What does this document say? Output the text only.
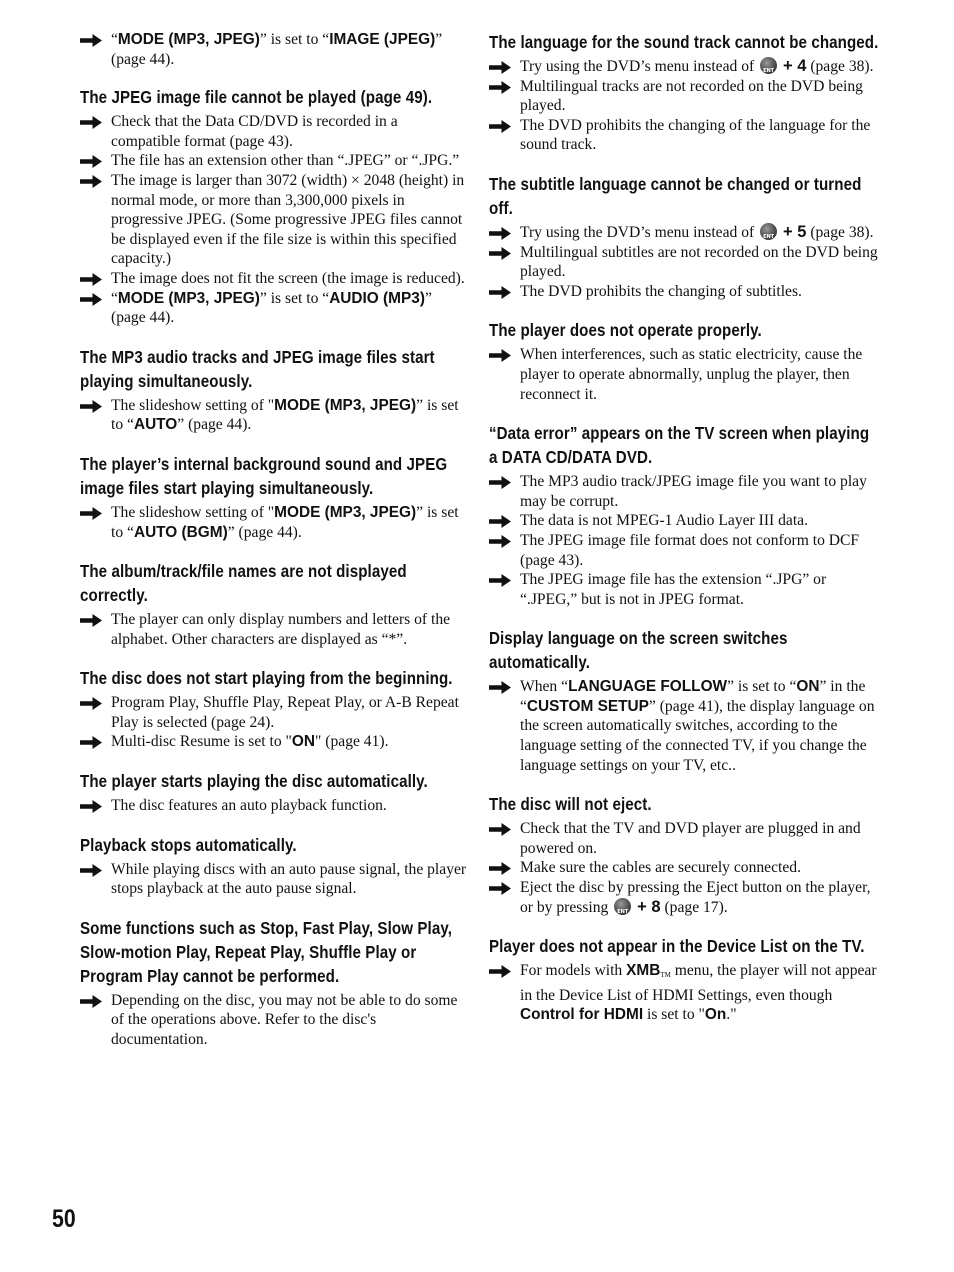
“MODE (MP3, JPEG)” is set to “IMAGE (JPEG)” (page 44).
The JPEG image file cannot be played (page 49).
Check that the Data CD/DVD is recorded in a compatible format (page 43).
The file has an extension other than “.JPEG” or “.JPG.”
The image is larger than 3072 (width) × 2048 (height) in normal mode, or more than 3,300,000 pixels in progressive JPEG. (Some progressive JPEG files cannot be displayed even if the file size is within this specified capacity.)
The image does not fit the screen (the image is reduced).
“MODE (MP3, JPEG)” is set to “AUDIO (MP3)” (page 44).
The MP3 audio tracks and JPEG image files start playing simultaneously.
The slideshow setting of "MODE (MP3, JPEG)” is set to “AUTO” (page 44).
The player’s internal background sound and JPEG image files start playing simultaneously.
The slideshow setting of "MODE (MP3, JPEG)” is set to “AUTO (BGM)” (page 44).
The album/track/file names are not displayed correctly.
The player can only display numbers and letters of the alphabet. Other characters are displayed as “*”.
The disc does not start playing from the beginning.
Program Play, Shuffle Play, Repeat Play, or A-B Repeat Play is selected (page 24).
Multi-disc Resume is set to "ON" (page 41).
The player starts playing the disc automatically.
The disc features an auto playback function.
Playback stops automatically.
While playing discs with an auto pause signal, the player stops playback at the auto pause signal.
Some functions such as Stop, Fast Play, Slow Play, Slow-motion Play, Repeat Play, Shuffle Play or Program Play cannot be performed.
Depending on the disc, you may not be able to do some of the operations above. Refer to the disc's documentation.
The language for the sound track cannot be changed.
Try using the DVD’s menu instead of	ENT + 4 (page 38).
Multilingual tracks are not recorded on the DVD being played.
The DVD prohibits the changing of the language for the sound track.
The subtitle language cannot be changed or turned off.
Try using the DVD’s menu instead of	ENT + 5 (page 38).
Multilingual subtitles are not recorded on the DVD being played.
The DVD prohibits the changing of subtitles.
The player does not operate properly.
When interferences, such as static electricity, cause the player to operate abnormally, unplug the player, then reconnect it.
“Data error” appears on the TV screen when playing a DATA CD/DATA DVD.
The MP3 audio track/JPEG image file you want to play may be corrupt.
The data is not MPEG-1 Audio Layer III data.
The JPEG image file format does not conform to DCF (page 43).
The JPEG image file has the extension “.JPG” or “.JPEG,” but is not in JPEG format.
Display language on the screen switches automatically.
When “LANGUAGE FOLLOW” is set to “ON” in the “CUSTOM SETUP” (page 41), the display language on the screen automatically switches, according to the language setting of the connected TV, if you change the language settings on your TV, etc..
The disc will not eject.
Check that the TV and DVD player are plugged in and powered on.
Make sure the cables are securely connected.
Eject the disc by pressing the Eject button on the player, or by pressing	ENT + 8 (page 17).
Player does not appear in the Device List on the TV.
For models with XMBTM menu, the player will not appear in the Device List of HDMI Settings, even though Control for HDMI is set to "On."
50
